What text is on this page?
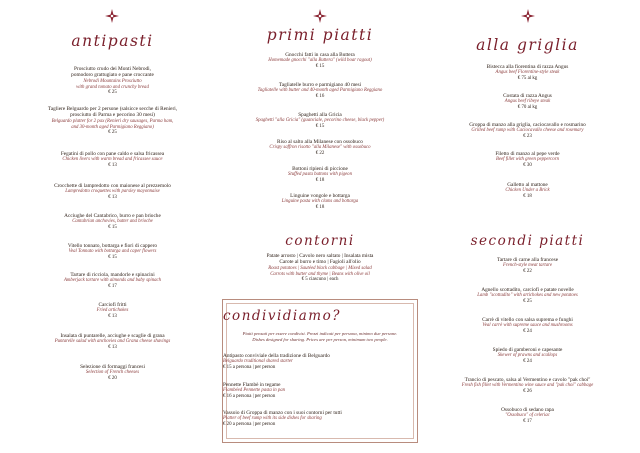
antipasti
Prosciutto crudo dei Monti Nebrodi,
pomodoro grattugiato e pane croccante
Nebrodi Mountains Prosciutto
with grand tomato and crunchy bread
€ 25
Tagliere Belguardo per 2 persone (salsicce secche di Renieri,
prosciutto di Parma e pecorino 30 mesi)
Belguardo platter for 2 pax (Renieri dry sausages, Parma ham,
and 30-month aged Parmigiano Reggiano)
€ 25
Fegatini di pollo con pane caldo e salsa fricassea
Chicken livers with warm bread and fricassee sauce
€ 13
Crocchette di lampredotto con maionese al prezzemolo
Lampredotto croquettes with parsley mayonnaise
€ 13
Acciughe del Cantabrico, burro e pan brioche
Cantabrian anchovies, butter and brioche
€ 15
Vitello tonnato, bottarga e fiori di cappero
Veal Tonnato with bottarga and caper flowers
€ 15
Tartare di ricciola, mandorle e spinacini
Amberjack tartare with almonds and baby spinach
€ 17
Carciofi fritti
Fried artichokes
€ 13
Insalata di puntarelle, acciughe e scaglie di grana
Puntarelle salad with anchovies and Grana cheese shavings
€ 13
Selezione di formaggi francesi
Selection of French cheeses
€ 20
primi piatti
Gnocchi fatti in casa alla Buttera
Homemade gnocchi "alla Buttera" (wild boar ragout)
€ 15
Tagliatelle burro e parmigiano 40 mesi
Tagliatelle with butter and 40-month aged Parmigiano Reggiano
€ 16
Spaghetti alla Gricia
Spaghetti "alla Gricia" (guanciale, pecorino cheese, black pepper)
€ 15
Riso al salto alla Milanese con ossobuco
Crispy saffron risotto "alla Milanese" with ossobuco
€ 22
Bottoni ripieni di piccione
Stuffed pasta buttons with pigeon
€ 18
Linguine vongole e bottarga
Linguine pasta with clams and bottarga
€ 18
contorni
Patate arrosto | Cavolo nero saltato | Insalata mista
Carote al burro e timo | Fagioli all'olio
Roast potatoes | Sautéed black cabbage | Mixed salad
Carrots with butter and thyme | Beans with olive oil
€ 5 ciascuno | each
condividiamo?
Piatti pensati per essere condivisi. Prezzi indicati per persona, minimo due persone.
Dishes designed for sharing. Prices are per person, minimum two people.
Antipasto conviviale della tradizione di Belguardo
Belguardo traditional shared starter
€ 15 a persona | per person
Pennette Flambè in tegame
Flambéed Pennette pasta in pan
€ 16 a persona | per person
Vassoio di Groppa di manzo con i suoi contorni per tutti
Platter of beef rump with its side dishes for sharing
€ 20 a persona | per person
alla griglia
Bistecca alla fiorentina di razza Angus
Angus beef Florentine-style steak
€ 75 al kg
Costata di razza Angus
Angus beef ribeye steak
€ 70 al kg
Groppa di manzo alla griglia, caciocavallo e rosmarino
Grilled beef rump with Caciocavallo cheese and rosemary
€ 23
Filetto di manzo al pepe verde
Beef fillet with green peppercorn
€ 30
Galletto al mattone
Chicken Under a Brick
€ 18
secondi piatti
Tartare di carne alla francese
French-style meat tartare
€ 22
Agnello scottadito, carciofi e patate novelle
Lamb "scottadito" with artichokes and new potatoes
€ 25
Carrè di vitello con salsa suprema e funghi
Veal carrè with supreme sauce and mushrooms
€ 24
Spiedo di gamberoni e capesante
Skewer of prawns and scallops
€ 24
Trancio di pescato, salsa al Vermentino e cavolo "pak choi"
Fresh fish fillet with Vermentino wine sauce and "pak choi" cabbage
€ 26
Ossobuco di sedano rapa
"Ossobuco" of celeriac
€ 17
